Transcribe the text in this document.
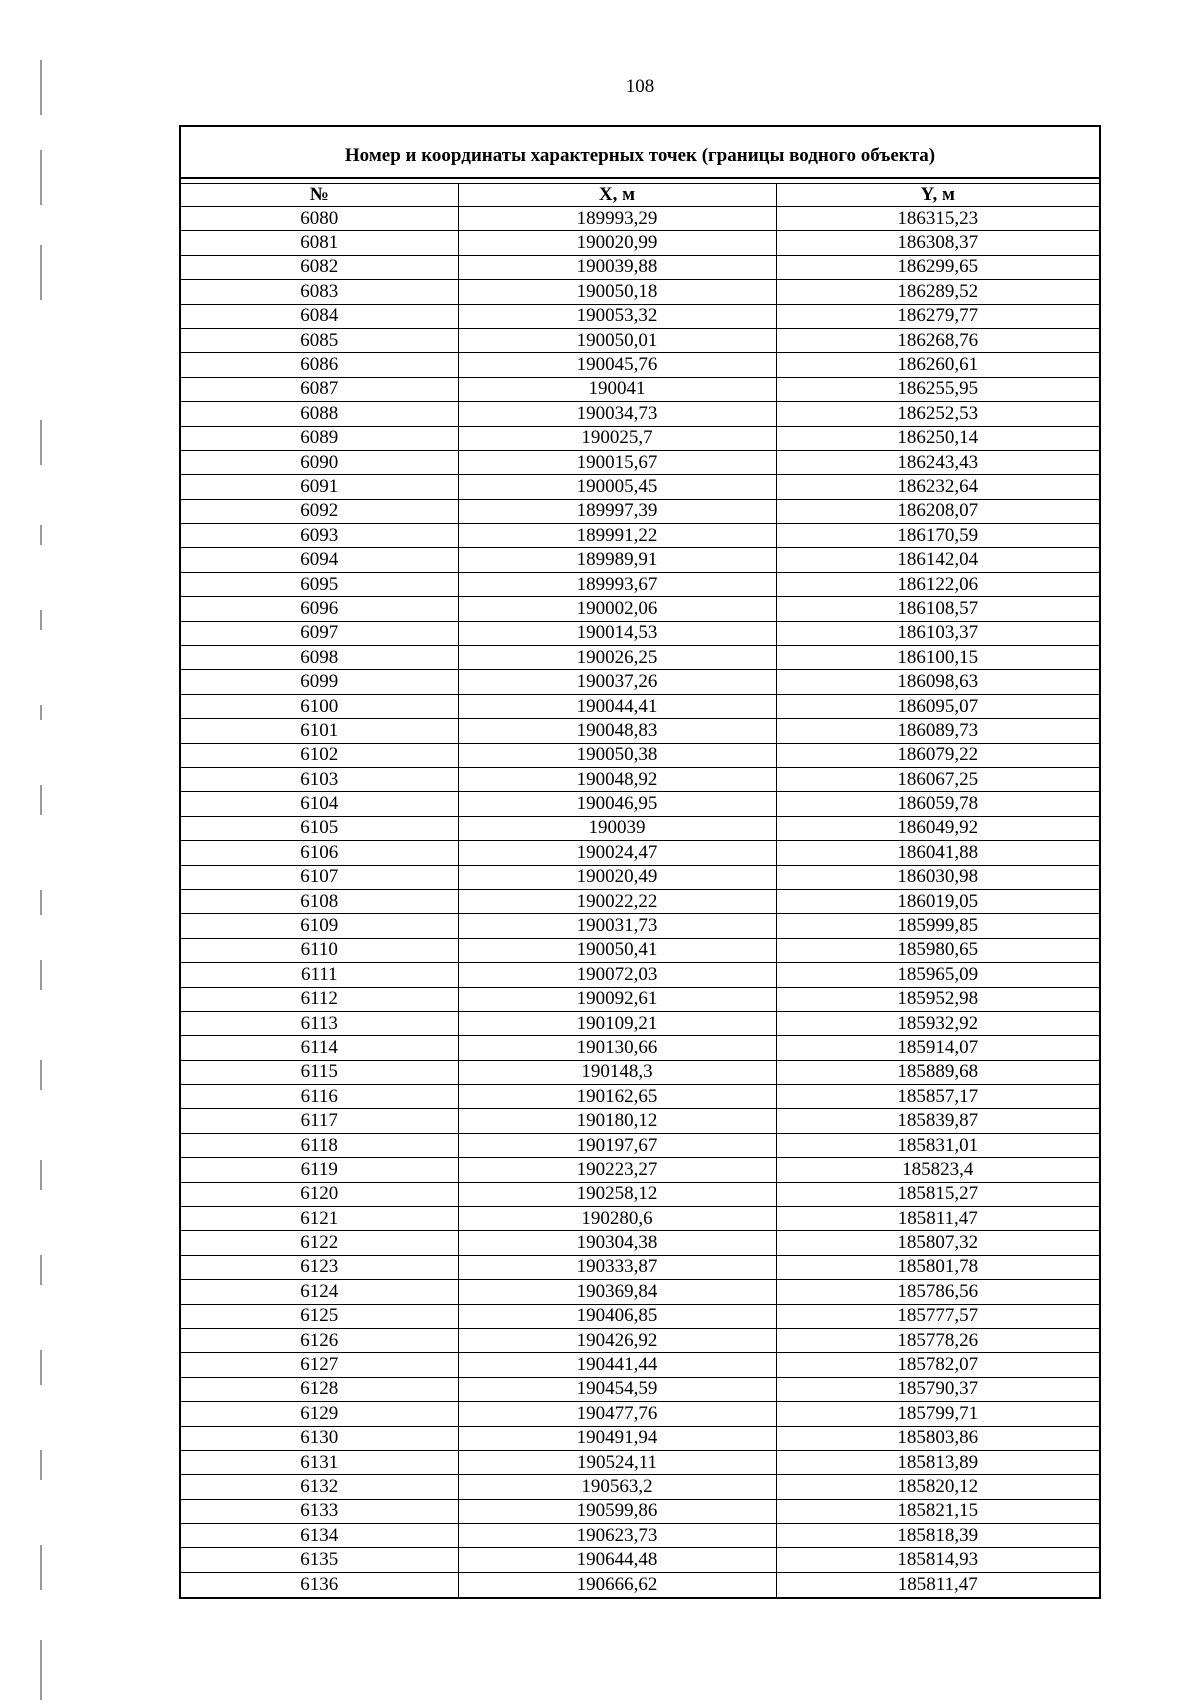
108
Номер и координаты характерных точек (границы водного объекта)
№	X, м	Y, м
6080	189993,29	186315,23
6081	190020,99	186308,37
6082	190039,88	186299,65
6083	190050,18	186289,52
6084	190053,32	186279,77
6085	190050,01	186268,76
6086	190045,76	186260,61
6087	190041	186255,95
6088	190034,73	186252,53
6089	190025,7	186250,14
6090	190015,67	186243,43
6091	190005,45	186232,64
6092	189997,39	186208,07
6093	189991,22	186170,59
6094	189989,91	186142,04
6095	189993,67	186122,06
6096	190002,06	186108,57
6097	190014,53	186103,37
6098	190026,25	186100,15
6099	190037,26	186098,63
6100	190044,41	186095,07
6101	190048,83	186089,73
6102	190050,38	186079,22
6103	190048,92	186067,25
6104	190046,95	186059,78
6105	190039	186049,92
6106	190024,47	186041,88
6107	190020,49	186030,98
6108	190022,22	186019,05
6109	190031,73	185999,85
6110	190050,41	185980,65
6111	190072,03	185965,09
6112	190092,61	185952,98
6113	190109,21	185932,92
6114	190130,66	185914,07
6115	190148,3	185889,68
6116	190162,65	185857,17
6117	190180,12	185839,87
6118	190197,67	185831,01
6119	190223,27	185823,4
6120	190258,12	185815,27
6121	190280,6	185811,47
6122	190304,38	185807,32
6123	190333,87	185801,78
6124	190369,84	185786,56
6125	190406,85	185777,57
6126	190426,92	185778,26
6127	190441,44	185782,07
6128	190454,59	185790,37
6129	190477,76	185799,71
6130	190491,94	185803,86
6131	190524,11	185813,89
6132	190563,2	185820,12
6133	190599,86	185821,15
6134	190623,73	185818,39
6135	190644,48	185814,93
6136	190666,62	185811,47
